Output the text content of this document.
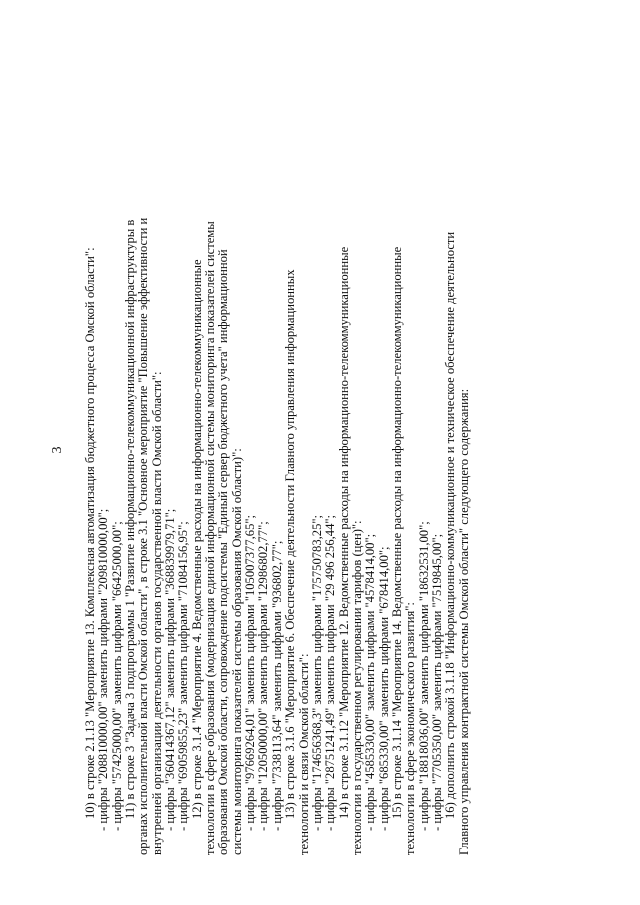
3 10) в строке 2.1.13 "Мероприятие 13. Комплексная автоматизация бюджетного процесса Омской области": - цифры "208810000,00" заменить цифрами "209810000,00"; - цифры "57425000,00" заменить цифрами "66425000,00"; 11) в строке 3 "Задача 3 подпрограммы 1 "Развитие информационно-телекоммуникационной инфраструктуры в органах исполнительной власти Омской области", в строке 3.1 "Основное мероприятие "Повышение эффективности и внутренней организации деятельности органов государственной власти Омской области": - цифры "360414367,12" заменить цифрами "368839979,71"; - цифры "69059855,23" заменить цифрами "71084156,95"; 12) в строке 3.1.4 "Мероприятие 4. Ведомственные расходы на информационно-телекоммуникационные технологии в сфере образования (модернизация единой информационной системы мониторинга показателей системы образования Омской области, сопровождение подсистемы "Единый сервер бюджетного учета" информационной системы мониторинга показателей системы образования Омской области)": - цифры "97669264,01" заменить цифрами "105007377,65"; - цифры "12050000,00" заменить цифрами "12986802,77"; - цифры "7338113,64" заменить цифрами "936802,77"; 13) в строке 3.1.6 "Мероприятие 6. Обеспечение деятельности Главного управления информационных технологий и связи Омской области": - цифры "174656368,3" заменить цифрами "175750783,25"; - цифры "28751241,49" заменить цифрами "29 496 256,44"; 14) в строке 3.1.12 "Мероприятие 12. Ведомственные расходы на информационно-телекоммуникационные технологии в государственном регулировании тарифов (цен)": - цифры "4585330,00" заменить цифрами "4578414,00"; - цифры "685330,00" заменить цифрами "678414,00"; 15) в строке 3.1.14 "Мероприятие 14. Ведомственные расходы на информационно-телекоммуникационные технологии в сфере экономического развития": - цифры "18818036,00" заменить цифрами "18632531,00"; - цифры "7705350,00" заменить цифрами "7519845,00"; 16) дополнить строкой 3.1.18 "Информационно-коммуникационное и техническое обеспечение деятельности Главного управления контрактной системы Омской области" следующего содержания:
